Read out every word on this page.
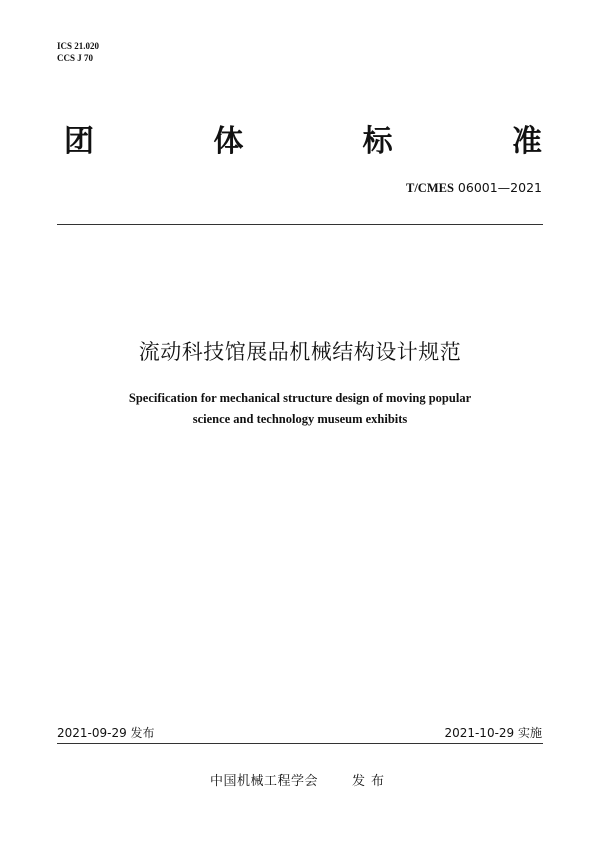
ICS 21.020
CCS J 70
团	体	标	准
T/CMES 06001—2021
流动科技馆展品机械结构设计规范
Specification for mechanical structure design of moving popular
science and technology museum exhibits
2021-09-29 发布	2021-10-29 实施
中国机械工程学会	发布
